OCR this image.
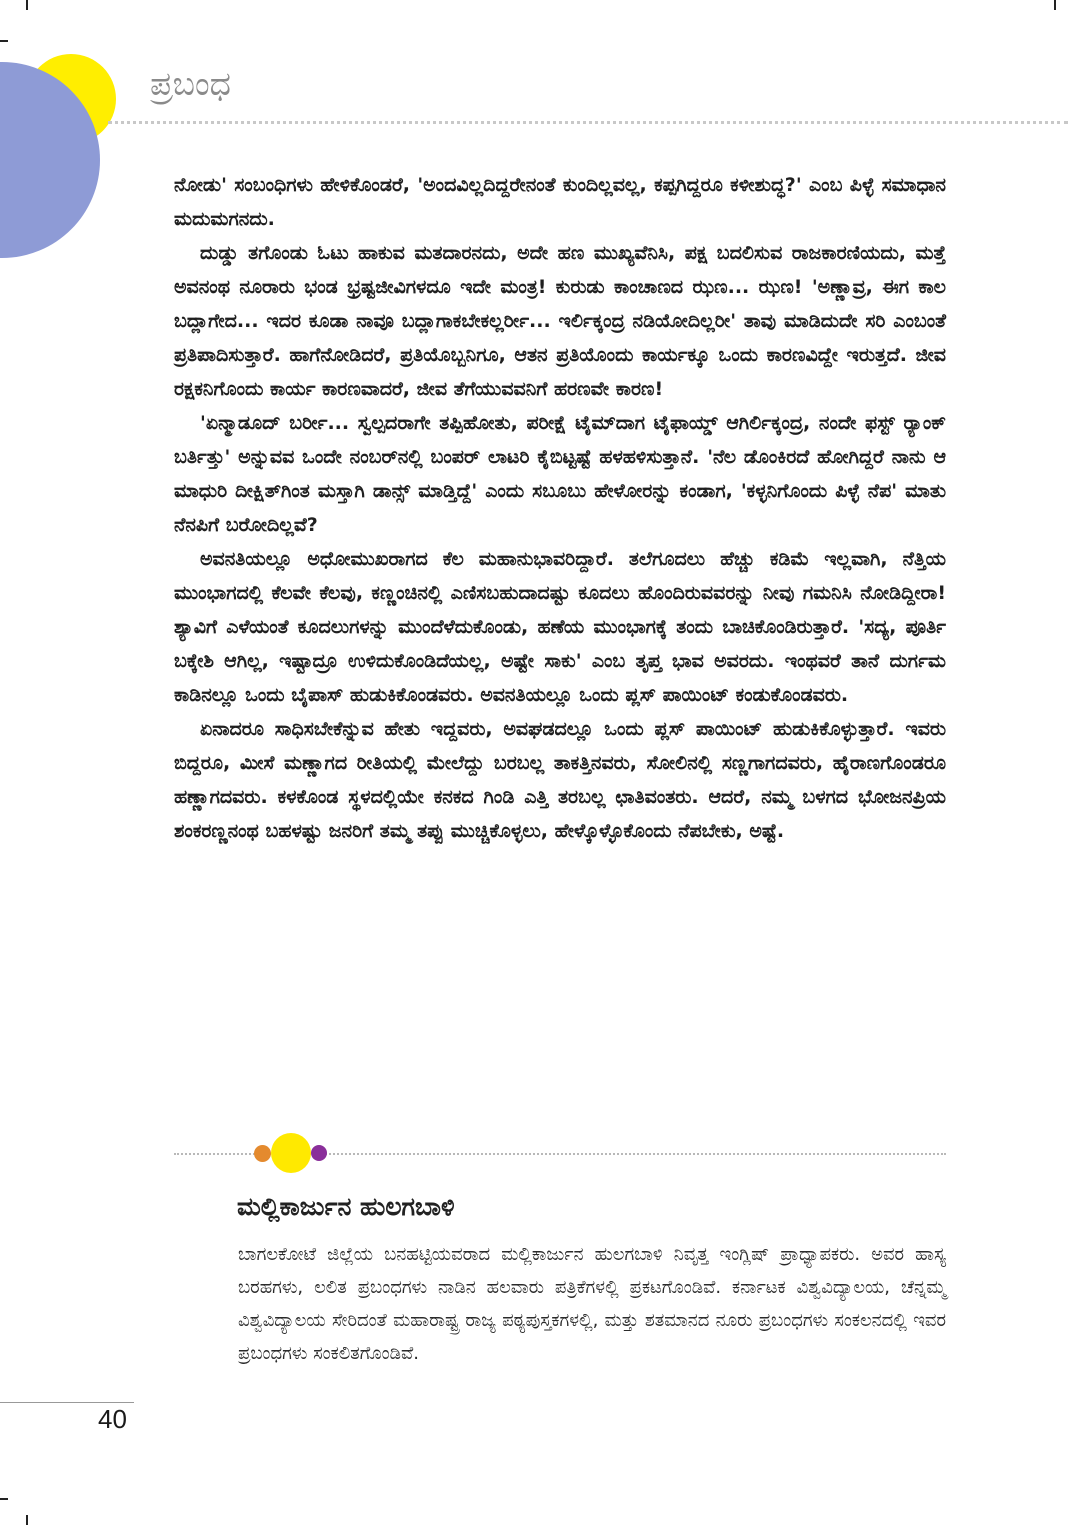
ಪ್ರಬಂಧ

ನೋಡು' ಸಂಬಂಧಿಗಳು ಹೇಳಿಕೊಂಡರೆ, 'ಅಂದವಿಲ್ಲದಿದ್ದರೇನಂತೆ ಕುಂದಿಲ್ಲವಲ್ಲ, ಕಪ್ಪಗಿದ್ದರೂ ಕಳೀಶುದ್ಧ?' ಎಂಬ ಪಿಳ್ಳೆ ಸಮಾಧಾನ ಮದುಮಗನದು.

ದುಡ್ಡು ತಗೊಂಡು ಓಟು ಹಾಕುವ ಮತದಾರನದು, ಅದೇ ಹಣ ಮುಖ್ಯವೆನಿಸಿ, ಪಕ್ಷ ಬದಲಿಸುವ ರಾಜಕಾರಣಿಯದು, ಮತ್ತೆ ಅವನಂಥ ನೂರಾರು ಭಂಡ ಭ್ರಷ್ಟಜೀವಿಗಳದೂ ಇದೇ ಮಂತ್ರ! ಕುರುಡು ಕಾಂಚಾಣದ ಝಣ... ಝಣ! 'ಅಣ್ಣಾವ್ರ, ಈಗ ಕಾಲ ಬದ್ಲಾಗೇದ... ಇದರ ಕೂಡಾ ನಾವೂ ಬದ್ಲಾಗಾಕಬೇಕಲ್ಲರ್ರೀ... ಇರ್ಲಿಕ್ಕಂದ್ರ ನಡಿಯೋದಿಲ್ಲರೀ' ತಾವು ಮಾಡಿದುದೇ ಸರಿ ಎಂಬಂತೆ ಪ್ರತಿಪಾದಿಸುತ್ತಾರೆ. ಹಾಗೆನೋಡಿದರೆ, ಪ್ರತಿಯೊಬ್ಬನಿಗೂ, ಆತನ ಪ್ರತಿಯೊಂದು ಕಾರ್ಯಕ್ಕೂ ಒಂದು ಕಾರಣವಿದ್ದೇ ಇರುತ್ತದೆ. ಜೀವ ರಕ್ಷಕನಿಗೊಂದು ಕಾರ್ಯ ಕಾರಣವಾದರೆ, ಜೀವ ತೆಗೆಯುವವನಿಗೆ ಹರಣವೇ ಕಾರಣ!

'ಏನ್ಮಾಡೂದ್ ಬರ್ರೀ... ಸ್ವಲ್ಪದರಾಗೇ ತಪ್ಪಿಹೋತು, ಪರೀಕ್ಷೆ ಟೈಮ್‌ದಾಗ ಟೈಫಾಯ್ಡ್ ಆಗಿರ್ಲಿಕ್ಕಂದ್ರ, ನಂದೇ ಫಸ್ಟ್ ರ್‍ಯಾಂಕ್ ಬರ್ತಿತ್ತು' ಅನ್ನುವವ ಒಂದೇ ನಂಬರ್‌ನಲ್ಲಿ ಬಂಪರ್ ಲಾಟರಿ ಕೈಬಿಟ್ಟಷ್ಟೆ ಹಳಹಳಿಸುತ್ತಾನೆ. 'ನೆಲ ಡೊಂಕಿರದೆ ಹೋಗಿದ್ದರೆ ನಾನು ಆ ಮಾಧುರಿ ದೀಕ್ಷಿತ್‌ಗಿಂತ ಮಸ್ತಾಗಿ ಡಾನ್ಸ್ ಮಾಡ್ತಿದ್ದೆ' ಎಂದು ಸಬೂಬು ಹೇಳೋರನ್ನು ಕಂಡಾಗ, 'ಕಳ್ಳನಿಗೊಂದು ಪಿಳ್ಳೆ ನೆಪ' ಮಾತು ನೆನಪಿಗೆ ಬರೋದಿಲ್ಲವೆ?

ಅವನತಿಯಲ್ಲೂ ಅಧೋಮುಖರಾಗದ ಕೆಲ ಮಹಾನುಭಾವರಿದ್ದಾರೆ. ತಲೆಗೂದಲು ಹೆಚ್ಚು ಕಡಿಮೆ ಇಲ್ಲವಾಗಿ, ನೆತ್ತಿಯ ಮುಂಭಾಗದಲ್ಲಿ ಕೆಲವೇ ಕೆಲವು, ಕಣ್ಣಂಚಿನಲ್ಲಿ ಎಣಿಸಬಹುದಾದಷ್ಟು ಕೂದಲು ಹೊಂದಿರುವವರನ್ನು ನೀವು ಗಮನಿಸಿ ನೋಡಿದ್ದೀರಾ! ಶ್ಯಾವಿಗೆ ಎಳೆಯಂತೆ ಕೂದಲುಗಳನ್ನು ಮುಂದೆಳೆದುಕೊಂಡು, ಹಣೆಯ ಮುಂಭಾಗಕ್ಕೆ ತಂದು ಬಾಚಿಕೊಂಡಿರುತ್ತಾರೆ. 'ಸದ್ಯ, ಪೂರ್ತಿ ಬಕ್ಕೇಶಿ ಆಗಿಲ್ಲ, ಇಷ್ಟಾದ್ರೂ ಉಳಿದುಕೊಂಡಿದೆಯಲ್ಲ, ಅಷ್ಟೇ ಸಾಕು' ಎಂಬ ತೃಪ್ತ ಭಾವ ಅವರದು. ಇಂಥವರೆ ತಾನೆ ದುರ್ಗಮ ಕಾಡಿನಲ್ಲೂ ಒಂದು ಬೈಪಾಸ್ ಹುಡುಕಿಕೊಂಡವರು. ಅವನತಿಯಲ್ಲೂ ಒಂದು ಪ್ಲಸ್ ಪಾಯಿಂಟ್ ಕಂಡುಕೊಂಡವರು.

ಏನಾದರೂ ಸಾಧಿಸಬೇಕೆನ್ನುವ ಹೇತು ಇದ್ದವರು, ಅವಘಡದಲ್ಲೂ ಒಂದು ಪ್ಲಸ್ ಪಾಯಿಂಟ್ ಹುಡುಕಿಕೊಳ್ಳುತ್ತಾರೆ. ಇವರು ಬಿದ್ದರೂ, ಮೀಸೆ ಮಣ್ಣಾಗದ ರೀತಿಯಲ್ಲಿ ಮೇಲೆದ್ದು ಬರಬಲ್ಲ ತಾಕತ್ತಿನವರು, ಸೋಲಿನಲ್ಲಿ ಸಣ್ಣಗಾಗದವರು, ಹೈರಾಣಗೊಂಡರೂ ಹಣ್ಣಾಗದವರು. ಕಳಕೊಂಡ ಸ್ಥಳದಲ್ಲಿಯೇ ಕನಕದ ಗಿಂಡಿ ಎತ್ತಿ ತರಬಲ್ಲ ಛಾತಿವಂತರು. ಆದರೆ, ನಮ್ಮ ಬಳಗದ ಭೋಜನಪ್ರಿಯ ಶಂಕರಣ್ಣನಂಥ ಬಹಳಷ್ಟು ಜನರಿಗೆ ತಮ್ಮ ತಪ್ಪು ಮುಚ್ಚಿಕೊಳ್ಳಲು, ಹೇಳ್ಕೊಳ್ಳೊಕೊಂದು ನೆಪಬೇಕು, ಅಷ್ಟೆ.

ಮಲ್ಲಿಕಾರ್ಜುನ ಹುಲಗಬಾಳಿ

ಬಾಗಲಕೋಟೆ ಜಿಲ್ಲೆಯ ಬನಹಟ್ಟಿಯವರಾದ ಮಲ್ಲಿಕಾರ್ಜುನ ಹುಲಗಬಾಳಿ ನಿವೃತ್ತ ಇಂಗ್ಲಿಷ್ ಪ್ರಾಧ್ಯಾಪಕರು. ಅವರ ಹಾಸ್ಯ ಬರಹಗಳು, ಲಲಿತ ಪ್ರಬಂಧಗಳು ನಾಡಿನ ಹಲವಾರು ಪತ್ರಿಕೆಗಳಲ್ಲಿ ಪ್ರಕಟಗೊಂಡಿವೆ. ಕರ್ನಾಟಕ ವಿಶ್ವವಿದ್ಯಾಲಯ, ಚೆನ್ನಮ್ಮ ವಿಶ್ವವಿದ್ಯಾಲಯ ಸೇರಿದಂತೆ ಮಹಾರಾಷ್ಟ್ರ ರಾಜ್ಯ ಪಠ್ಯಪುಸ್ತಕಗಳಲ್ಲಿ, ಮತ್ತು ಶತಮಾನದ ನೂರು ಪ್ರಬಂಧಗಳು ಸಂಕಲನದಲ್ಲಿ ಇವರ ಪ್ರಬಂಧಗಳು ಸಂಕಲಿತಗೊಂಡಿವೆ.

40
